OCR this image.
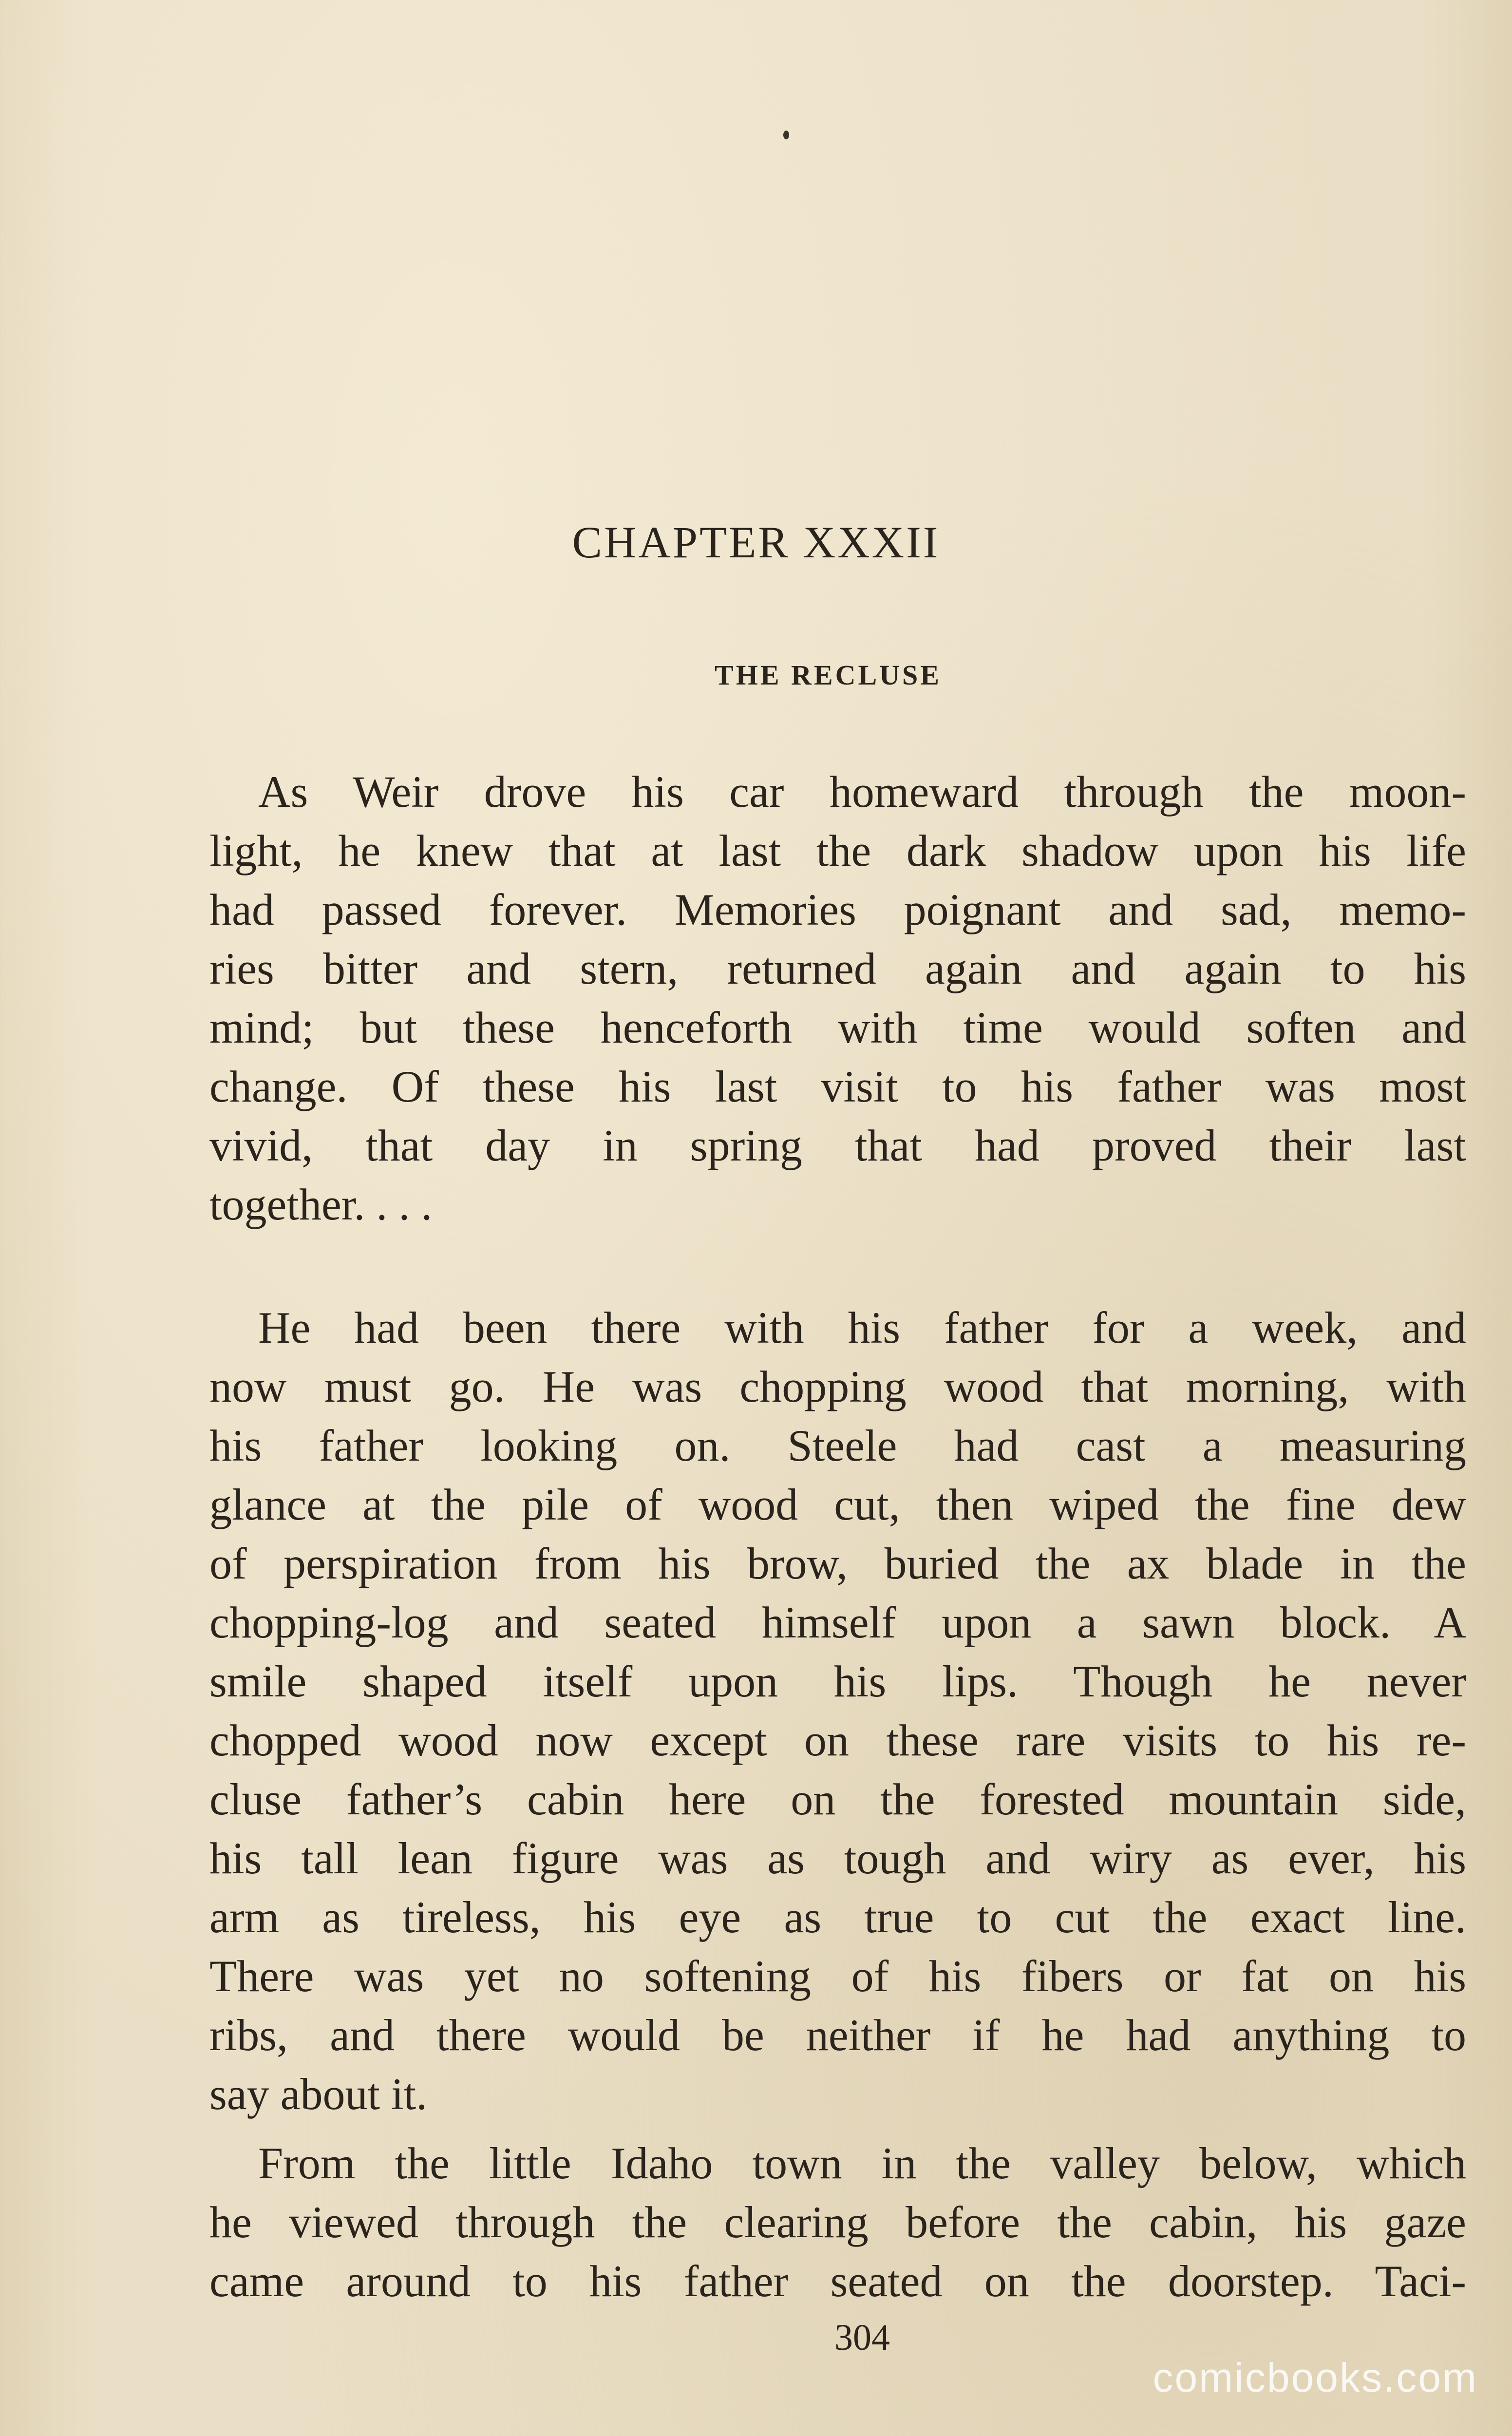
CHAPTER XXXII
THE RECLUSE
As Weir drove his car homeward through the moon-
light, he knew that at last the dark shadow upon his life
had passed forever. Memories poignant and sad, memo-
ries bitter and stern, returned again and again to his
mind; but these henceforth with time would soften and
change. Of these his last visit to his father was most
vivid, that day in spring that had proved their last
together. . . .
He had been there with his father for a week, and
now must go. He was chopping wood that morning, with
his father looking on. Steele had cast a measuring
glance at the pile of wood cut, then wiped the fine dew
of perspiration from his brow, buried the ax blade in the
chopping-log and seated himself upon a sawn block. A
smile shaped itself upon his lips. Though he never
chopped wood now except on these rare visits to his re-
cluse father’s cabin here on the forested mountain side,
his tall lean figure was as tough and wiry as ever, his
arm as tireless, his eye as true to cut the exact line.
There was yet no softening of his fibers or fat on his
ribs, and there would be neither if he had anything to
say about it.
From the little Idaho town in the valley below, which
he viewed through the clearing before the cabin, his gaze
came around to his father seated on the doorstep. Taci-

304

comicbooks.com
